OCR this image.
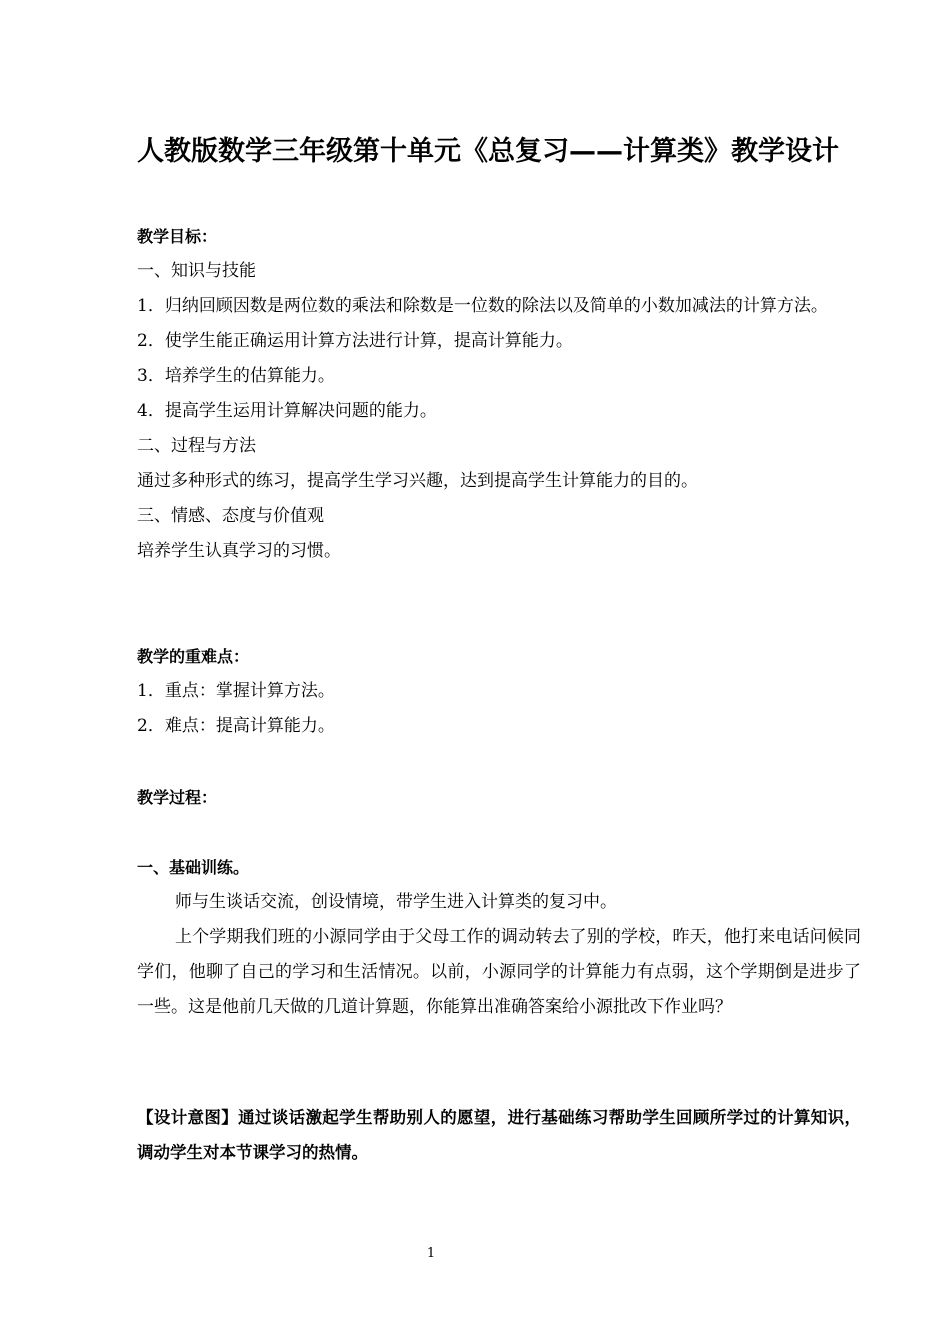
人教版数学三年级第十单元《总复习——计算类》教学设计
教学目标：
一、知识与技能
1．归纳回顾因数是两位数的乘法和除数是一位数的除法以及简单的小数加减法的计算方法。
2．使学生能正确运用计算方法进行计算，提高计算能力。
3．培养学生的估算能力。
4．提高学生运用计算解决问题的能力。
二、过程与方法
通过多种形式的练习，提高学生学习兴趣，达到提高学生计算能力的目的。
三、情感、态度与价值观
培养学生认真学习的习惯。
教学的重难点：
1．重点：掌握计算方法。
2．难点：提高计算能力。
教学过程：
一、基础训练。
师与生谈话交流，创设情境，带学生进入计算类的复习中。
上个学期我们班的小源同学由于父母工作的调动转去了别的学校，昨天，他打来电话问候同学们，他聊了自己的学习和生活情况。以前，小源同学的计算能力有点弱，这个学期倒是进步了一些。这是他前几天做的几道计算题，你能算出准确答案给小源批改下作业吗？
【设计意图】通过谈话激起学生帮助别人的愿望，进行基础练习帮助学生回顾所学过的计算知识，调动学生对本节课学习的热情。
1
